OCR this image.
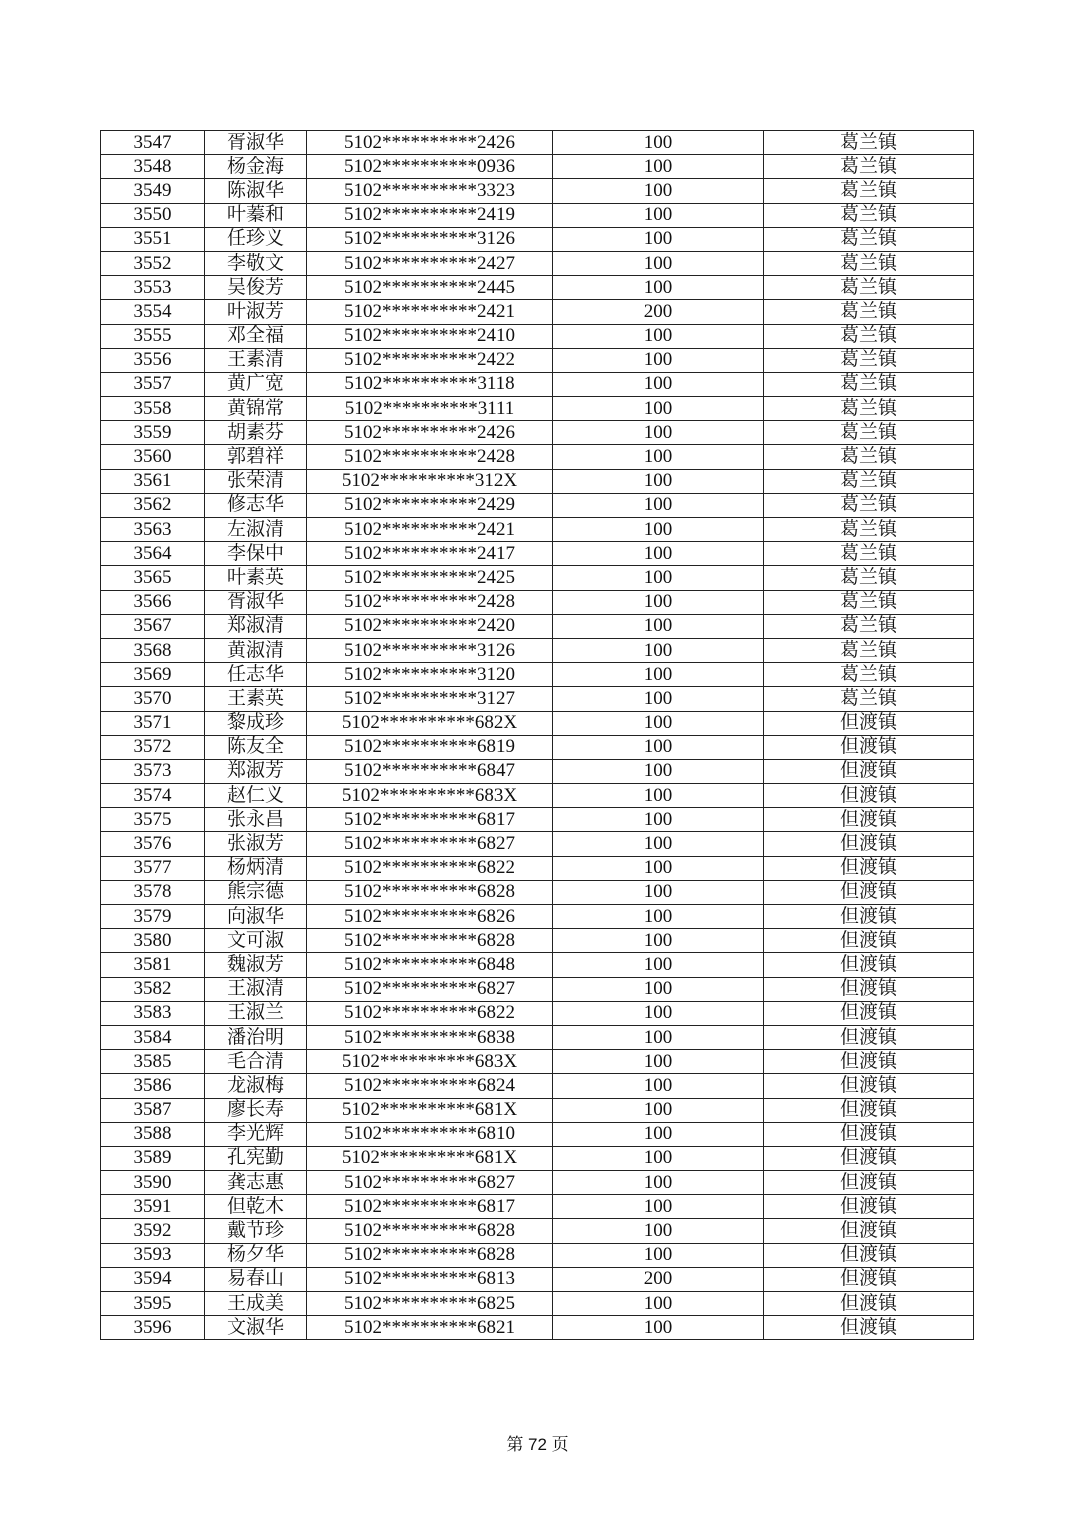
3547	胥淑华	5102**********2426	100	葛兰镇
3548	杨金海	5102**********0936	100	葛兰镇
3549	陈淑华	5102**********3323	100	葛兰镇
3550	叶蓁和	5102**********2419	100	葛兰镇
3551	任珍义	5102**********3126	100	葛兰镇
3552	李敬文	5102**********2427	100	葛兰镇
3553	吴俊芳	5102**********2445	100	葛兰镇
3554	叶淑芳	5102**********2421	200	葛兰镇
3555	邓全福	5102**********2410	100	葛兰镇
3556	王素清	5102**********2422	100	葛兰镇
3557	黄广宽	5102**********3118	100	葛兰镇
3558	黄锦常	5102**********3111	100	葛兰镇
3559	胡素芬	5102**********2426	100	葛兰镇
3560	郭碧祥	5102**********2428	100	葛兰镇
3561	张荣清	5102**********312X	100	葛兰镇
3562	修志华	5102**********2429	100	葛兰镇
3563	左淑清	5102**********2421	100	葛兰镇
3564	李保中	5102**********2417	100	葛兰镇
3565	叶素英	5102**********2425	100	葛兰镇
3566	胥淑华	5102**********2428	100	葛兰镇
3567	郑淑清	5102**********2420	100	葛兰镇
3568	黄淑清	5102**********3126	100	葛兰镇
3569	任志华	5102**********3120	100	葛兰镇
3570	王素英	5102**********3127	100	葛兰镇
3571	黎成珍	5102**********682X	100	但渡镇
3572	陈友全	5102**********6819	100	但渡镇
3573	郑淑芳	5102**********6847	100	但渡镇
3574	赵仁义	5102**********683X	100	但渡镇
3575	张永昌	5102**********6817	100	但渡镇
3576	张淑芳	5102**********6827	100	但渡镇
3577	杨炳清	5102**********6822	100	但渡镇
3578	熊宗德	5102**********6828	100	但渡镇
3579	向淑华	5102**********6826	100	但渡镇
3580	文可淑	5102**********6828	100	但渡镇
3581	魏淑芳	5102**********6848	100	但渡镇
3582	王淑清	5102**********6827	100	但渡镇
3583	王淑兰	5102**********6822	100	但渡镇
3584	潘治明	5102**********6838	100	但渡镇
3585	毛合清	5102**********683X	100	但渡镇
3586	龙淑梅	5102**********6824	100	但渡镇
3587	廖长寿	5102**********681X	100	但渡镇
3588	李光辉	5102**********6810	100	但渡镇
3589	孔宪勤	5102**********681X	100	但渡镇
3590	龚志惠	5102**********6827	100	但渡镇
3591	但乾木	5102**********6817	100	但渡镇
3592	戴节珍	5102**********6828	100	但渡镇
3593	杨夕华	5102**********6828	100	但渡镇
3594	易春山	5102**********6813	200	但渡镇
3595	王成美	5102**********6825	100	但渡镇
3596	文淑华	5102**********6821	100	但渡镇
第 72 页
